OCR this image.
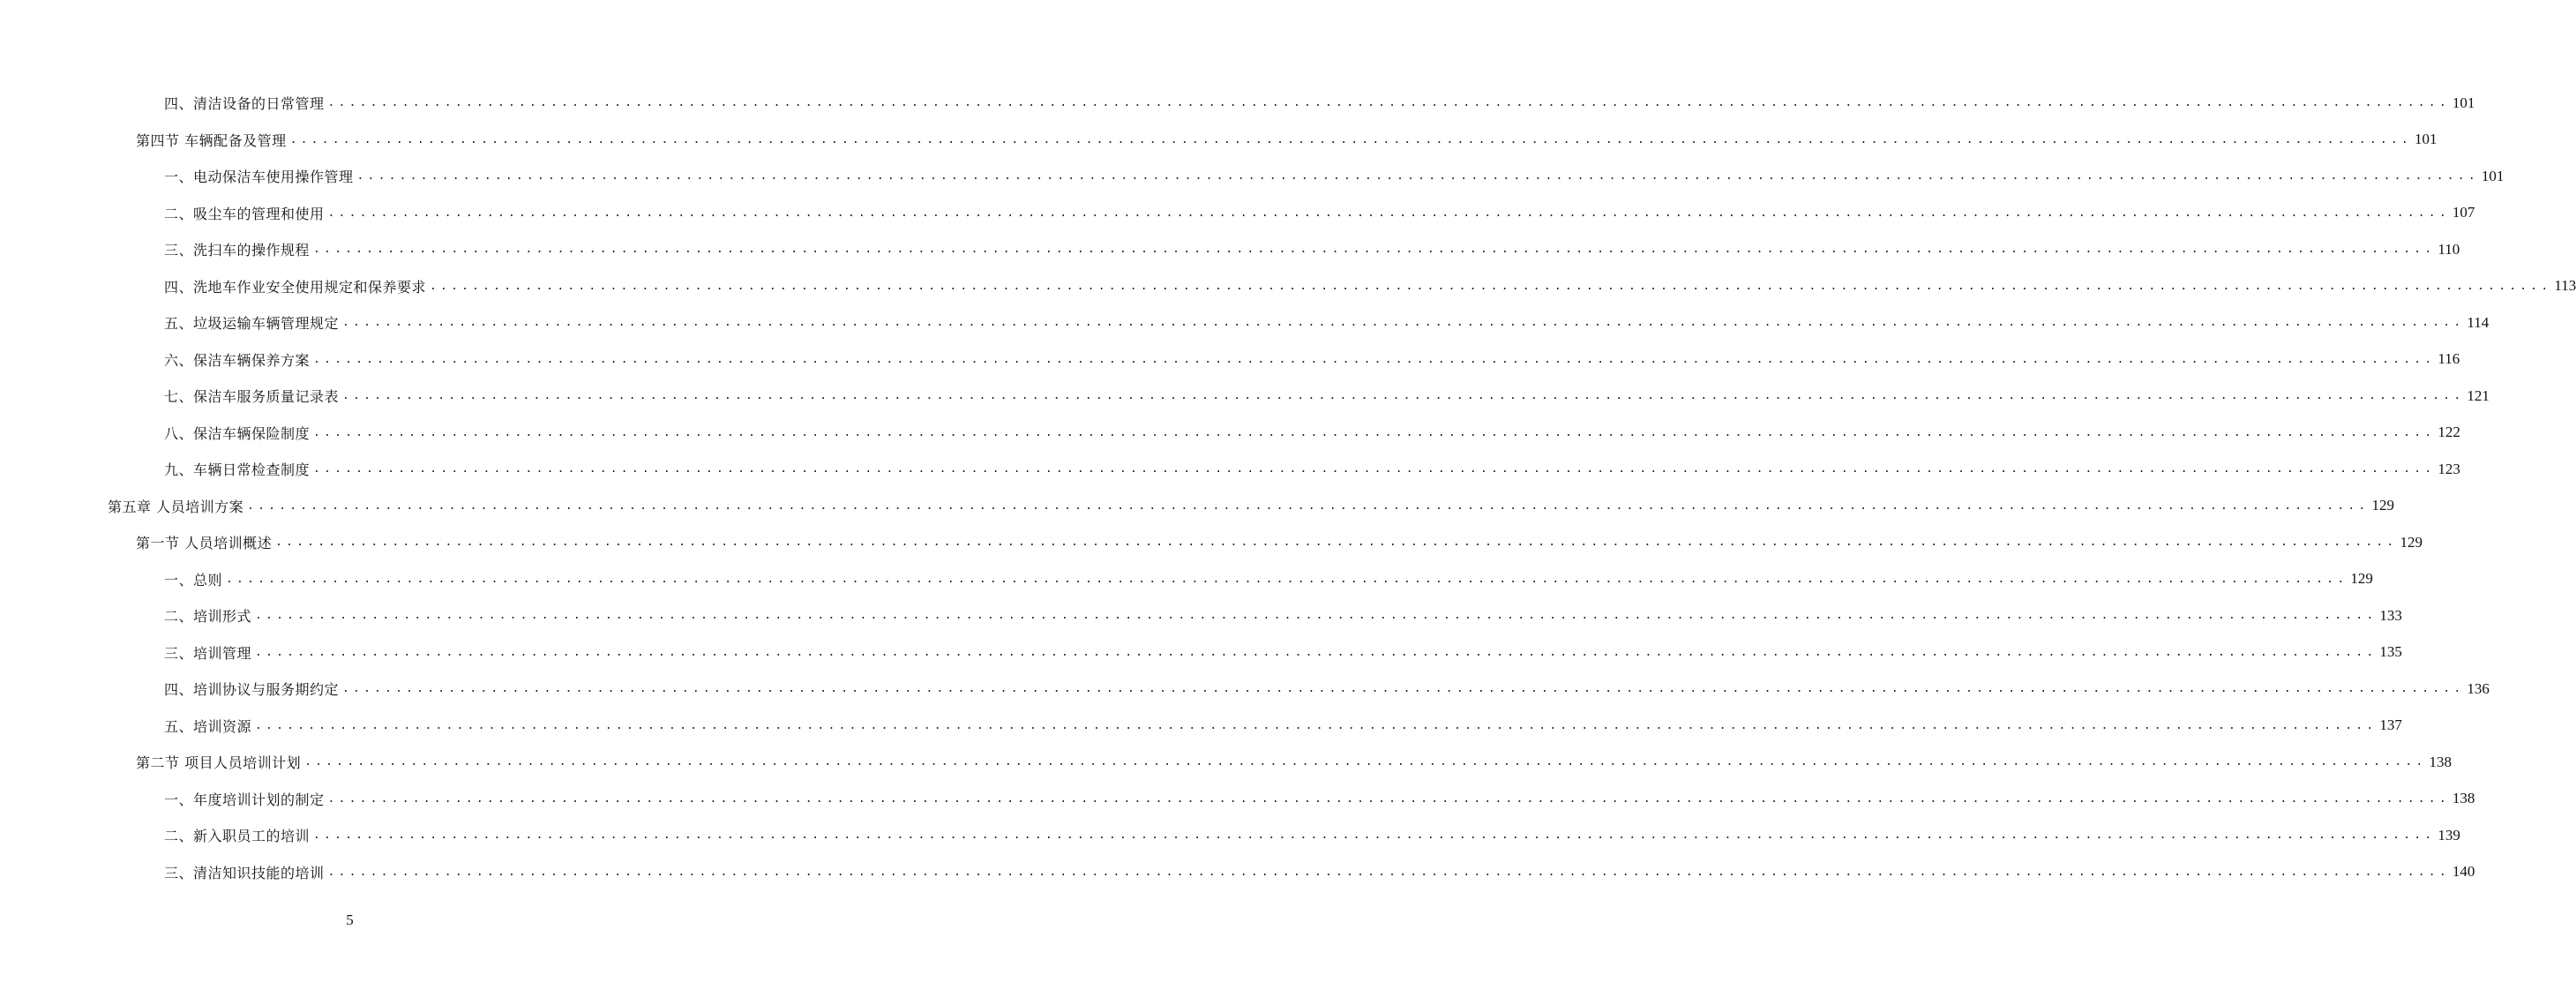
四、清洁设备的日常管理 ........................................................................................................................................................................................................ 101
第四节 车辆配备及管理 ........................................................................................................................................................................................................ 101
一、电动保洁车使用操作管理 ........................................................................................................................................................................................................ 101
二、吸尘车的管理和使用 ........................................................................................................................................................................................................ 107
三、洗扫车的操作规程 ........................................................................................................................................................................................................ 110
四、洗地车作业安全使用规定和保养要求 ........................................................................................................................................................................................................ 113
五、垃圾运输车辆管理规定 ........................................................................................................................................................................................................ 114
六、保洁车辆保养方案 ........................................................................................................................................................................................................ 116
七、保洁车服务质量记录表 ........................................................................................................................................................................................................ 121
八、保洁车辆保险制度 ........................................................................................................................................................................................................ 122
九、车辆日常检查制度 ........................................................................................................................................................................................................ 123
第五章 人员培训方案 ........................................................................................................................................................................................................ 129
第一节 人员培训概述 ........................................................................................................................................................................................................ 129
一、总则 ........................................................................................................................................................................................................ 129
二、培训形式 ........................................................................................................................................................................................................ 133
三、培训管理 ........................................................................................................................................................................................................ 135
四、培训协议与服务期约定 ........................................................................................................................................................................................................ 136
五、培训资源 ........................................................................................................................................................................................................ 137
第二节 项目人员培训计划 ........................................................................................................................................................................................................ 138
一、年度培训计划的制定 ........................................................................................................................................................................................................ 138
二、新入职员工的培训 ........................................................................................................................................................................................................ 139
三、清洁知识技能的培训 ........................................................................................................................................................................................................ 140
5
